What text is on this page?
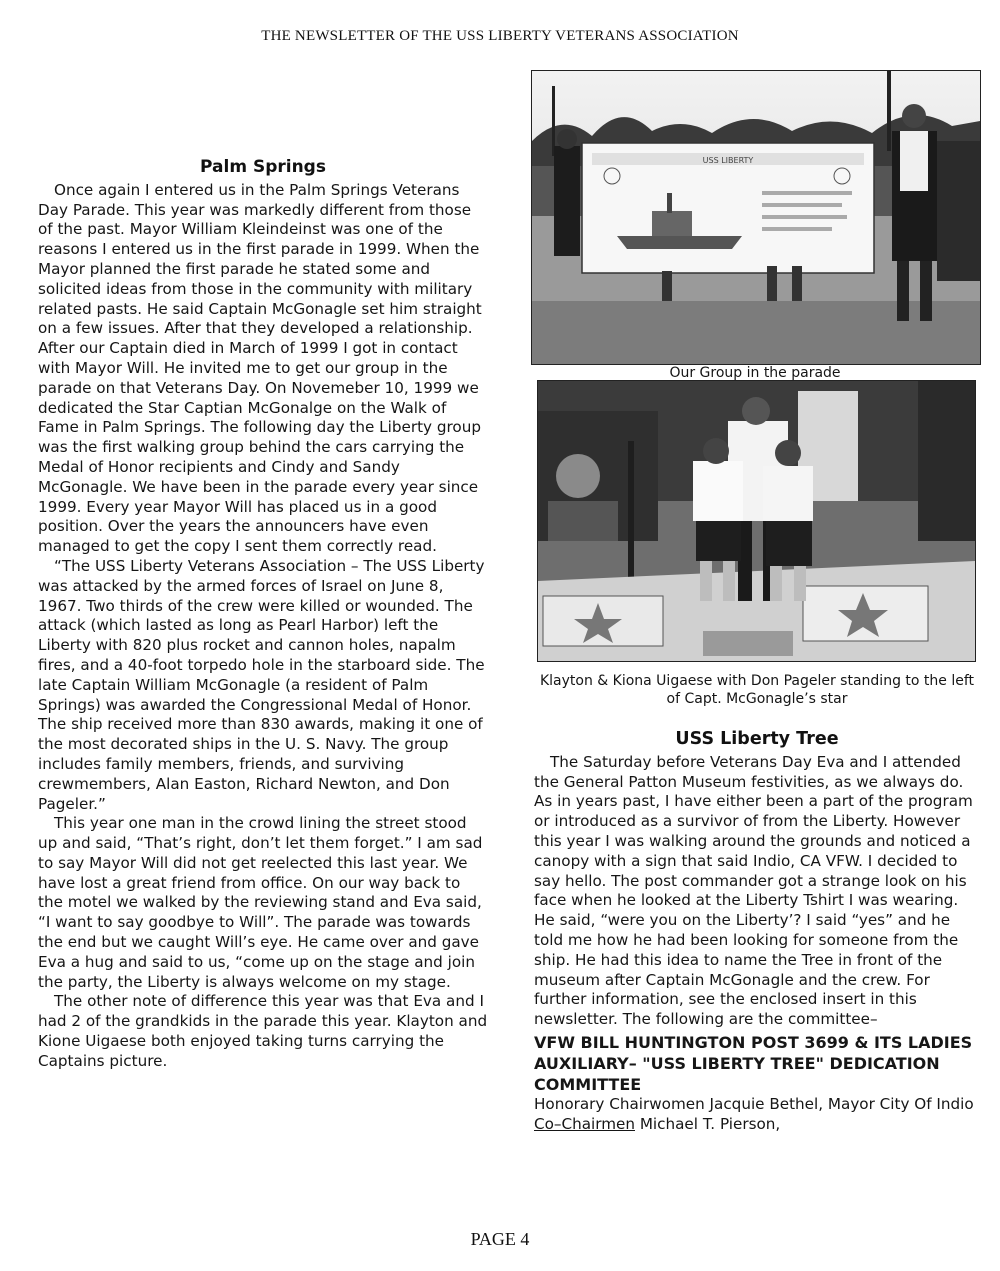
THE NEWSLETTER OF THE USS LIBERTY VETERANS ASSOCIATION
Palm Springs

Once again I entered us in the Palm Springs Veterans Day Parade. This year was markedly different from those of the past. Mayor William Kleindeinst was one of the reasons I entered us in the first parade in 1999. When the Mayor planned the first parade he stated some and solicited ideas from those in the community with military related pasts. He said Captain McGonagle set him straight on a few issues. After that they developed a relationship. After our Captain died in March of 1999 I got in contact with Mayor Will. He invited me to get our group in the parade on that Veterans Day. On Novemeber 10, 1999 we dedicated the Star Captian McGonalge on the Walk of Fame in Palm Springs. The following day the Liberty group was the first walking group behind the cars carrying the Medal of Honor recipients and Cindy and Sandy McGonagle. We have been in the parade every year since 1999. Every year Mayor Will has placed us in a good position. Over the years the announcers have even managed to get the copy I sent them correctly read.

“The USS Liberty Veterans Association – The USS Liberty was attacked by the armed forces of Israel on June 8, 1967. Two thirds of the crew were killed or wounded. The attack (which lasted as long as Pearl Harbor) left the Liberty with 820 plus rocket and cannon holes, napalm fires, and a 40-foot torpedo hole in the starboard side. The late Captain William McGonagle (a resident of Palm Springs) was awarded the Congressional Medal of Honor. The ship received more than 830 awards, making it one of the most decorated ships in the U. S. Navy. The group includes family members, friends, and surviving crewmembers, Alan Easton, Richard Newton, and Don Pageler.”

This year one man in the crowd lining the street stood up and said, “That’s right, don’t let them forget.” I am sad to say Mayor Will did not get reelected this last year. We have lost a great friend from office. On our way back to the motel we walked by the reviewing stand and Eva said, “I want to say goodbye to Will”. The parade was towards the end but we caught Will’s eye. He came over and gave Eva a hug and said to us, “come up on the stage and join the party, the Liberty is always welcome on my stage.

The other note of difference this year was that Eva and I had 2 of the grandkids in the parade this year. Klayton and Kione Uigaese both enjoyed taking turns carrying the Captains picture.

USS LIBERTY
Our Group in the parade
Klayton & Kiona Uigaese with Don Pageler standing to the left
of Capt. McGonagle’s star
USS Liberty Tree

The Saturday before Veterans Day Eva and I attended the General Patton Museum festivities, as we always do. As in years past, I have either been a part of the program or introduced as a survivor of from the Liberty. However this year I was walking around the grounds and noticed a canopy with a sign that said Indio, CA VFW. I decided to say hello. The post commander got a strange look on his face when he looked at the Liberty Tshirt I was wearing. He said, “were you on the Liberty’? I said “yes” and he told me how he had been looking for someone from the ship. He had this idea to name the Tree in front of the museum after Captain McGonagle and the crew. For further information, see the enclosed insert in this newsletter. The following are the committee–

VFW BILL HUNTINGTON POST 3699 & ITS LADIES AUXILIARY– "USS LIBERTY TREE" DEDICATION COMMITTEE
Honorary Chairwomen Jacquie Bethel, Mayor City Of Indio
Co–Chairmen Michael T. Pierson,
PAGE 4
